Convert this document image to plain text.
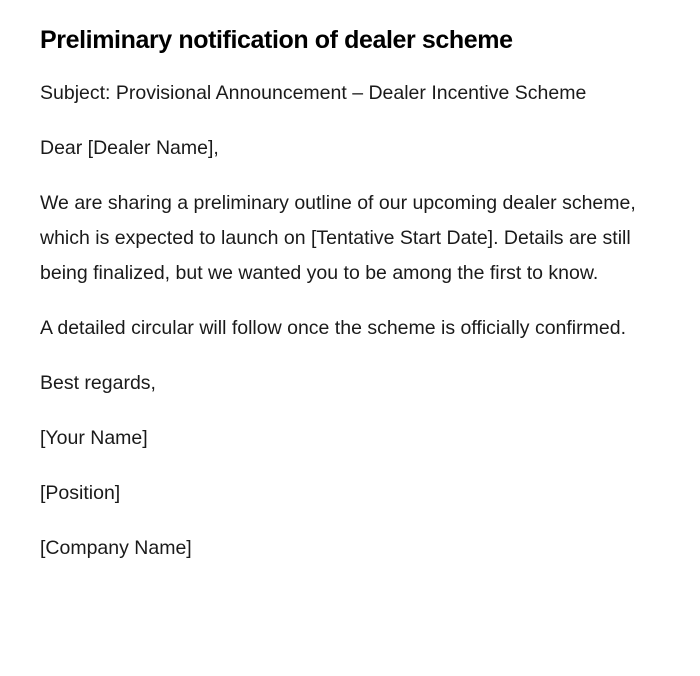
Preliminary notification of dealer scheme

Subject: Provisional Announcement – Dealer Incentive Scheme

Dear [Dealer Name],

We are sharing a preliminary outline of our upcoming dealer scheme, which is expected to launch on [Tentative Start Date]. Details are still being finalized, but we wanted you to be among the first to know.

A detailed circular will follow once the scheme is officially confirmed.

Best regards,

[Your Name]

[Position]

[Company Name]
